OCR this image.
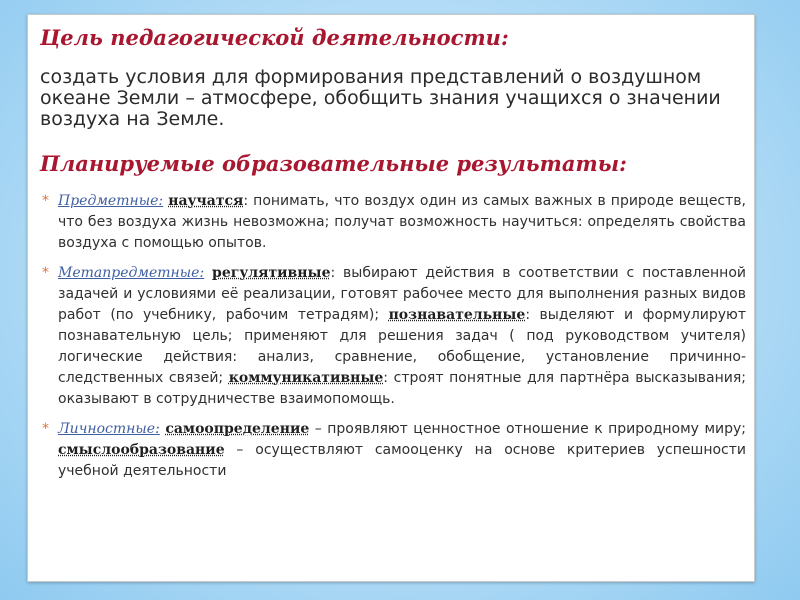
Цель педагогической деятельности:
создать условия для формирования представлений о воздушном океане Земли – атмосфере, обобщить знания учащихся о значении воздуха на Земле.
Планируемые образовательные результаты:
* Предметные: научатся: понимать, что воздух один из самых важных в природе веществ, что без воздуха жизнь невозможна; получат возможность научиться: определять свойства воздуха с помощью опытов.
* Метапредметные: регулятивные: выбирают действия в соответствии с поставленной задачей и условиями её реализации, готовят рабочее место для выполнения разных видов работ (по учебнику, рабочим тетрадям); познавательные: выделяют и формулируют познавательную цель; применяют для решения задач ( под руководством учителя) логические действия: анализ, сравнение, обобщение, установление причинно- следственных связей; коммуникативные: строят понятные для партнёра высказывания; оказывают в сотрудничестве взаимопомощь.
* Личностные: самоопределение – проявляют ценностное отношение к природному миру; смыслообразование – осуществляют самооценку на основе критериев успешности учебной деятельности
